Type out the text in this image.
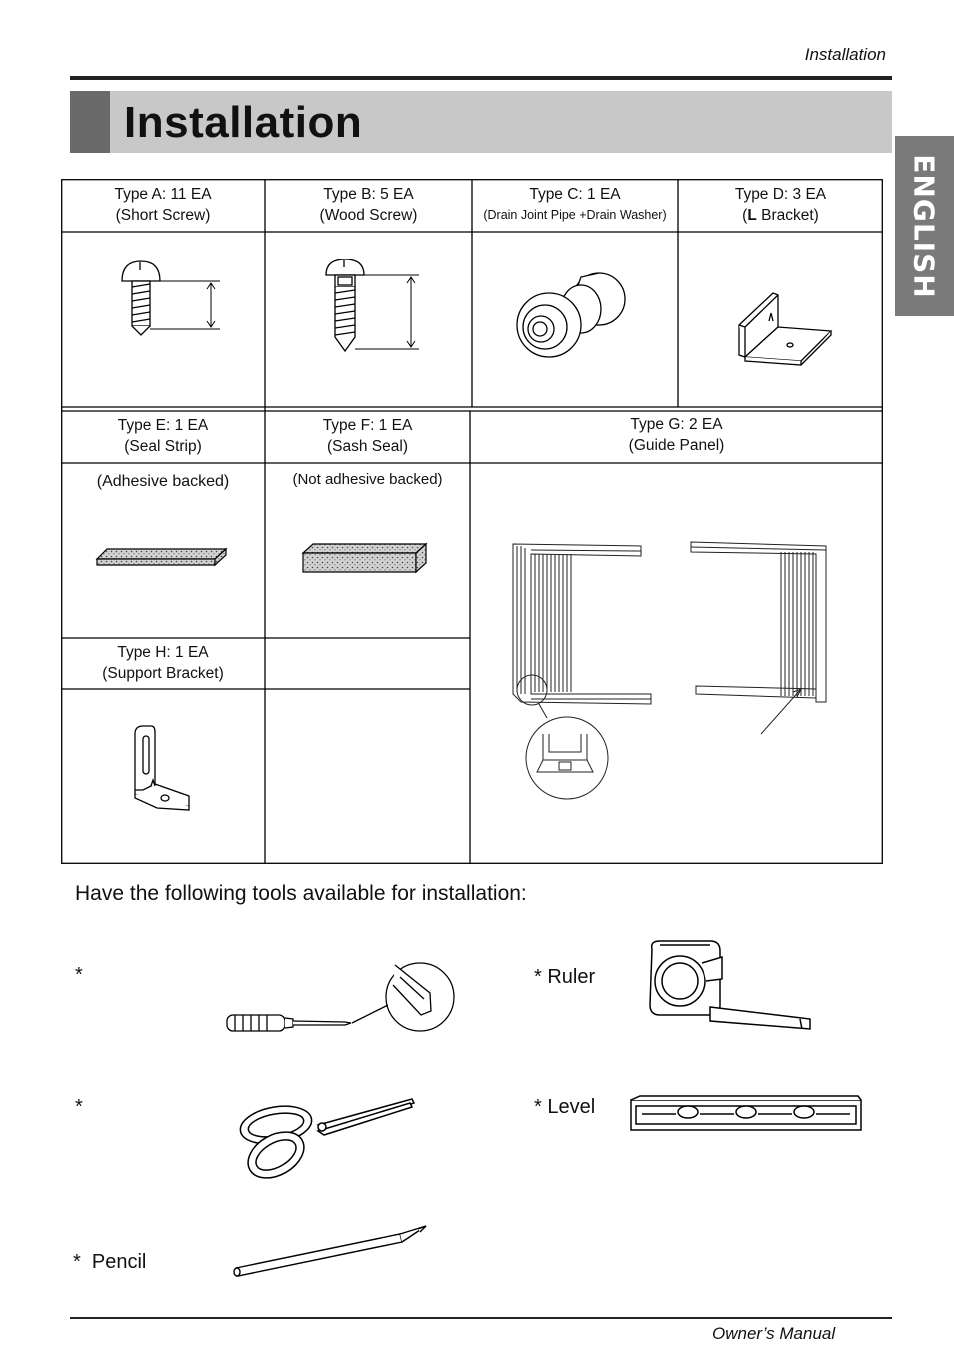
Installation
Installation
ENGLISH
Type A: 11 EA
(Short Screw)
Type B: 5 EA
(Wood Screw)
Type C: 1 EA
(Drain Joint Pipe +Drain Washer)
Type D: 3 EA
(L Bracket)
Type E: 1 EA
(Seal Strip)
Type F: 1 EA
(Sash Seal)
Type G: 2 EA
(Guide Panel)
Type H: 1 EA
(Support Bracket)
(Adhesive backed)	(Not adhesive backed)
Have the following tools available for installation:
*	* Ruler
*	* Level
*  Pencil
Owner’s Manual
